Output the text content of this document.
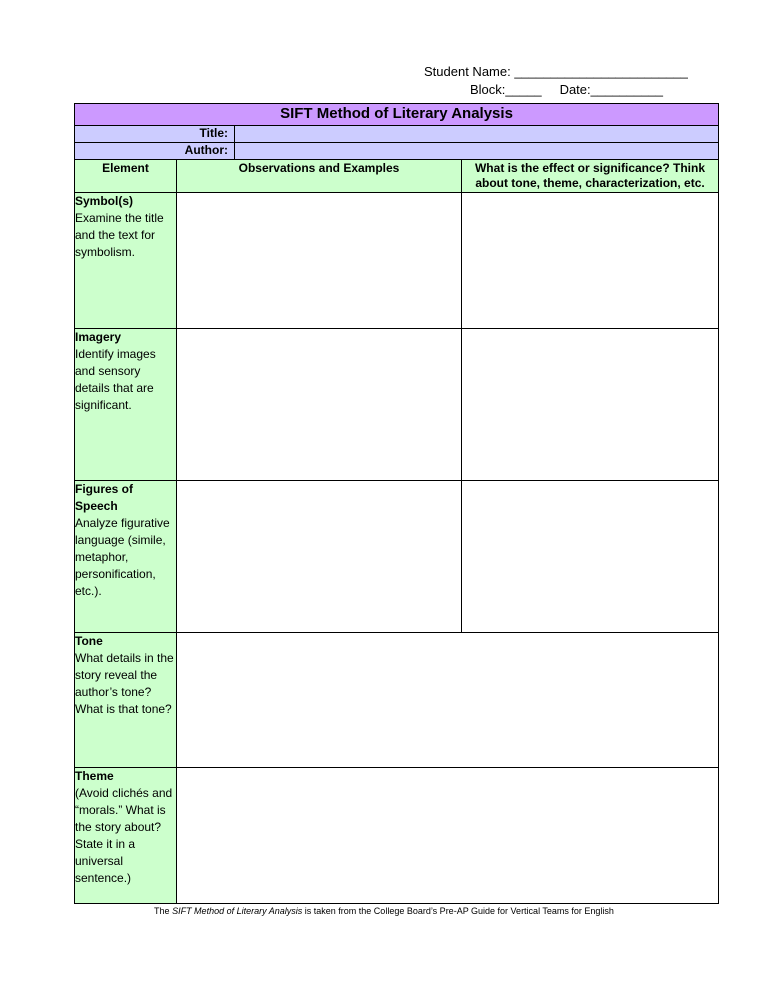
Student Name: ________________________
Block:_____ Date:__________
SIFT Method of Literary Analysis			
Title:			
Author:			
Element	Observations and Examples		What is the effect or significance? Think about tone, theme, characterization, etc.

Symbol(s)
Examine the title and the text for symbolism.			

Imagery
Identify images and sensory details that are significant.			

Figures of Speech
Analyze figurative language (simile, metaphor, personification, etc.).			

Tone
What details in the story reveal the author’s tone? What is that tone?			

Theme
(Avoid clichés and “morals.” What is the story about? State it in a universal sentence.)			

The SIFT Method of Literary Analysis is taken from the College Board’s Pre-AP Guide for Vertical Teams for English
